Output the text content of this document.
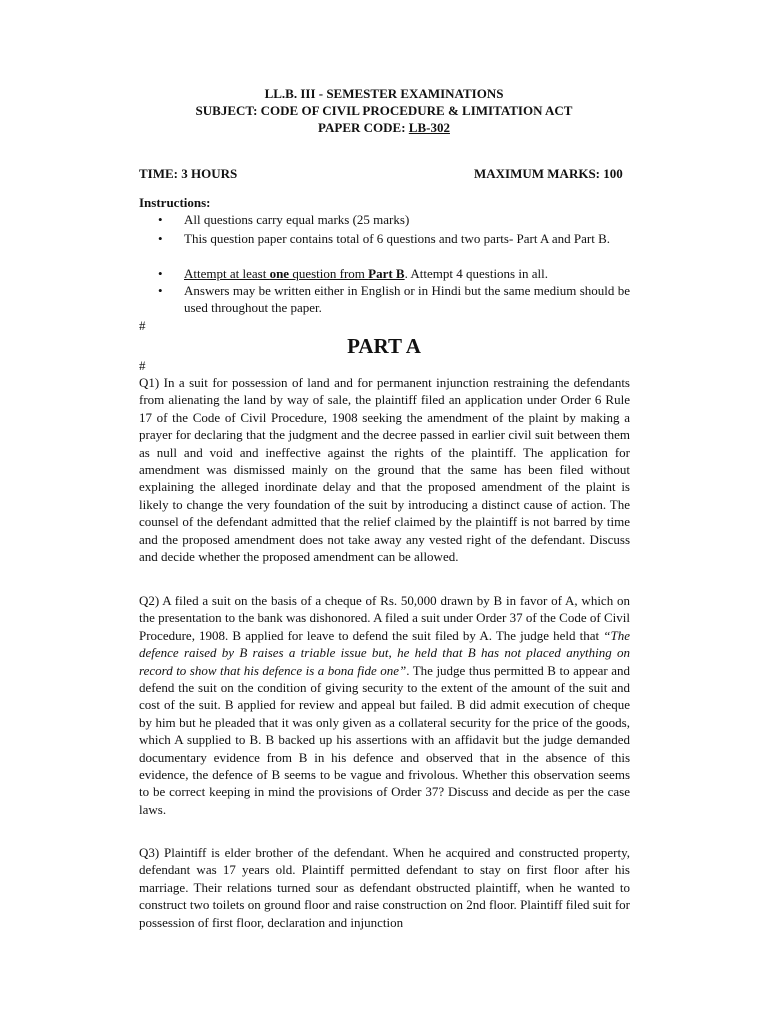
LL.B. III - SEMESTER EXAMINATIONS
SUBJECT: CODE OF CIVIL PROCEDURE & LIMITATION ACT
PAPER CODE: LB-302
TIME: 3 HOURS	MAXIMUM MARKS: 100
Instructions:
•	All questions carry equal marks (25 marks)
•	This question paper contains total of 6 questions and two parts- Part A and Part B.
•	Attempt at least one question from Part B. Attempt 4 questions in all.
•	Answers may be written either in English or in Hindi but the same medium should be used throughout the paper.
#
PART A
#
Q1) In a suit for possession of land and for permanent injunction restraining the defendants from alienating the land by way of sale, the plaintiff filed an application under Order 6 Rule 17 of the Code of Civil Procedure, 1908 seeking the amendment of the plaint by making a prayer for declaring that the judgment and the decree passed in earlier civil suit between them as null and void and ineffective against the rights of the plaintiff. The application for amendment was dismissed mainly on the ground that the same has been filed without explaining the alleged inordinate delay and that the proposed amendment of the plaint is likely to change the very foundation of the suit by introducing a distinct cause of action. The counsel of the defendant admitted that the relief claimed by the plaintiff is not barred by time and the proposed amendment does not take away any vested right of the defendant. Discuss and decide whether the proposed amendment can be allowed.
Q2) A filed a suit on the basis of a cheque of Rs. 50,000 drawn by B in favor of A, which on the presentation to the bank was dishonored. A filed a suit under Order 37 of the Code of Civil Procedure, 1908. B applied for leave to defend the suit filed by A. The judge held that “The defence raised by B raises a triable issue but, he held that B has not placed anything on record to show that his defence is a bona fide one”. The judge thus permitted B to appear and defend the suit on the condition of giving security to the extent of the amount of the suit and cost of the suit. B applied for review and appeal but failed. B did admit execution of cheque by him but he pleaded that it was only given as a collateral security for the price of the goods, which A supplied to B. B backed up his assertions with an affidavit but the judge demanded documentary evidence from B in his defence and observed that in the absence of this evidence, the defence of B seems to be vague and frivolous. Whether this observation seems to be correct keeping in mind the provisions of Order 37? Discuss and decide as per the case laws.
Q3) Plaintiff is elder brother of the defendant. When he acquired and constructed property, defendant was 17 years old. Plaintiff permitted defendant to stay on first floor after his marriage. Their relations turned sour as defendant obstructed plaintiff, when he wanted to construct two toilets on ground floor and raise construction on 2nd floor. Plaintiff filed suit for possession of first floor, declaration and injunction
